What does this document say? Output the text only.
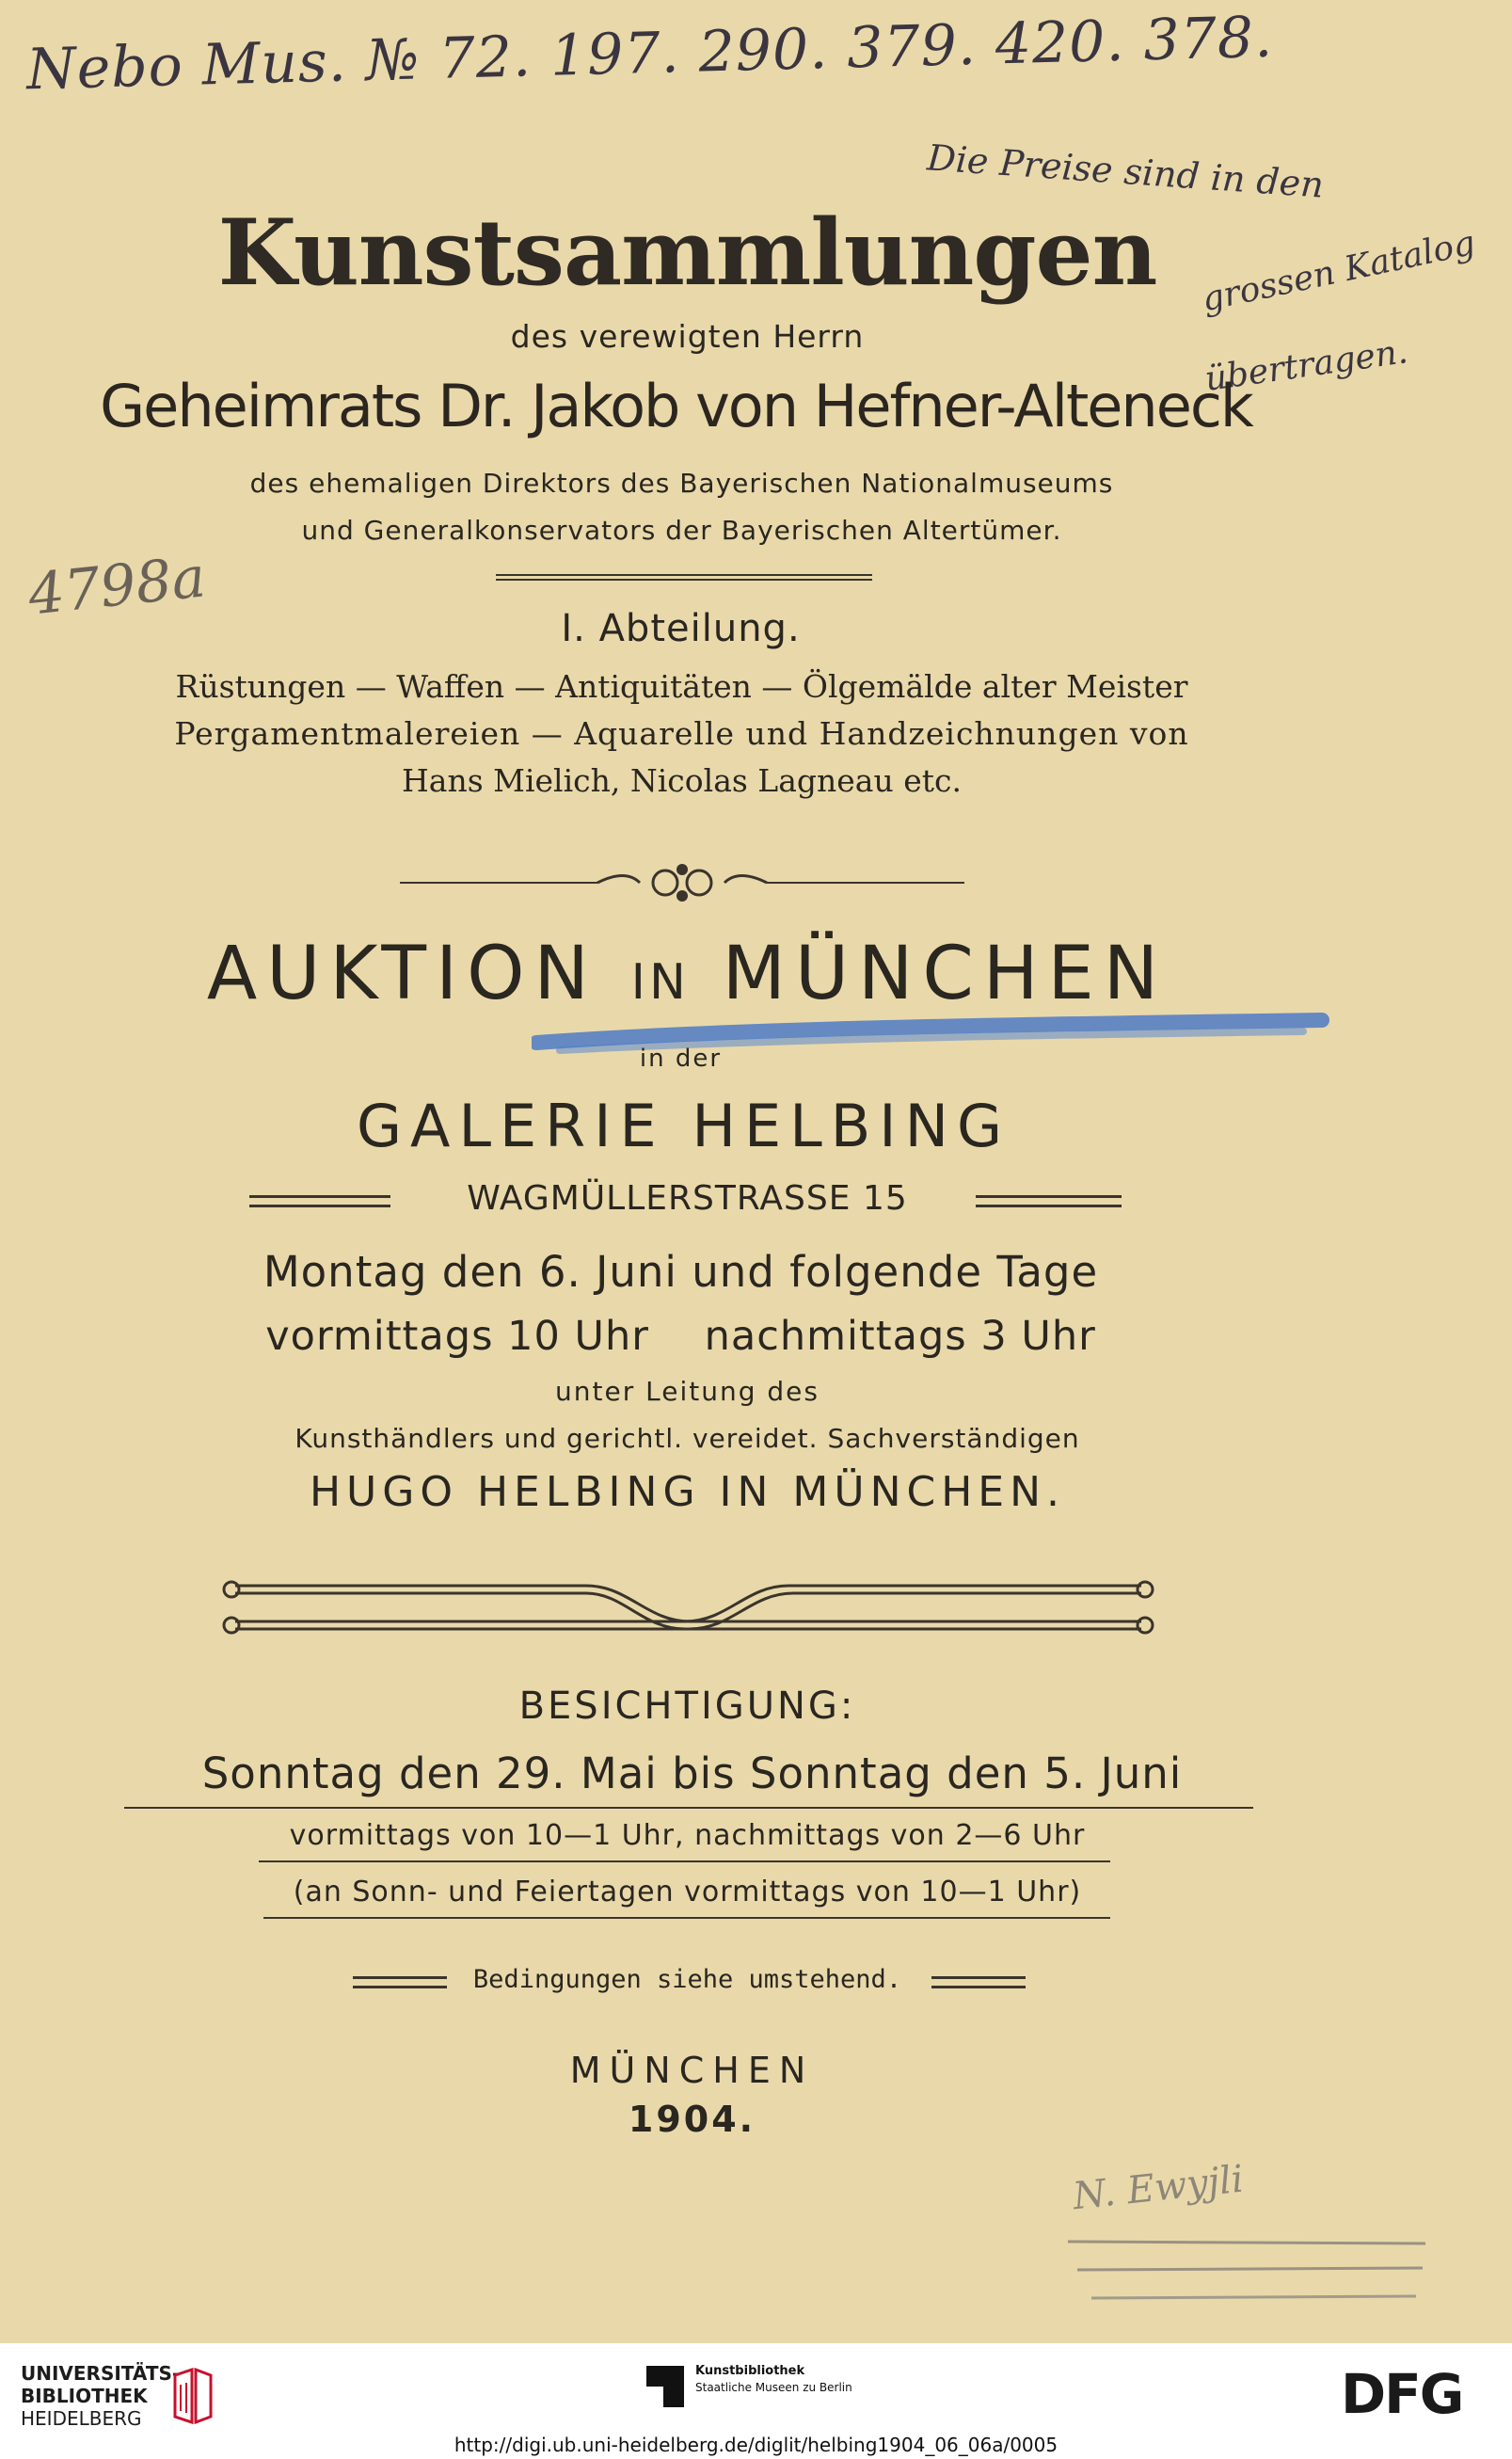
Nebo Mus. № 72. 197. 290. 379. 420. 378.
Die Preise sind in den
grossen Katalog
übertragen.
4798a
N. Ewyjli
Kunstsammlungen
des verewigten Herrn
Geheimrats Dr. Jakob von Hefner-Alteneck
des ehemaligen Direktors des Bayerischen Nationalmuseums
und Generalkonservators der Bayerischen Altertümer.
I. Abteilung.
Rüstungen — Waffen — Antiquitäten — Ölgemälde alter Meister
Pergamentmalereien — Aquarelle und Handzeichnungen von
Hans Mielich, Nicolas Lagneau etc.
AUKTION IN MÜNCHEN
in der
GALERIE HELBING
WAGMÜLLERSTRASSE 15
Montag den 6. Juni und folgende Tage
vormittags 10 Uhr    nachmittags 3 Uhr
unter Leitung des
Kunsthändlers und gerichtl. vereidet. Sachverständigen
HUGO HELBING IN MÜNCHEN.
BESICHTIGUNG:
Sonntag den 29. Mai bis Sonntag den 5. Juni
vormittags von 10—1 Uhr, nachmittags von 2—6 Uhr
(an Sonn- und Feiertagen vormittags von 10—1 Uhr)
Bedingungen siehe umstehend.
MÜNCHEN
1904.
UNIVERSITÄTS-
BIBLIOTHEK
HEIDELBERG
Kunstbibliothek
Staatliche Museen zu Berlin	DFG
http://digi.ub.uni-heidelberg.de/diglit/helbing1904_06_06a/0005
